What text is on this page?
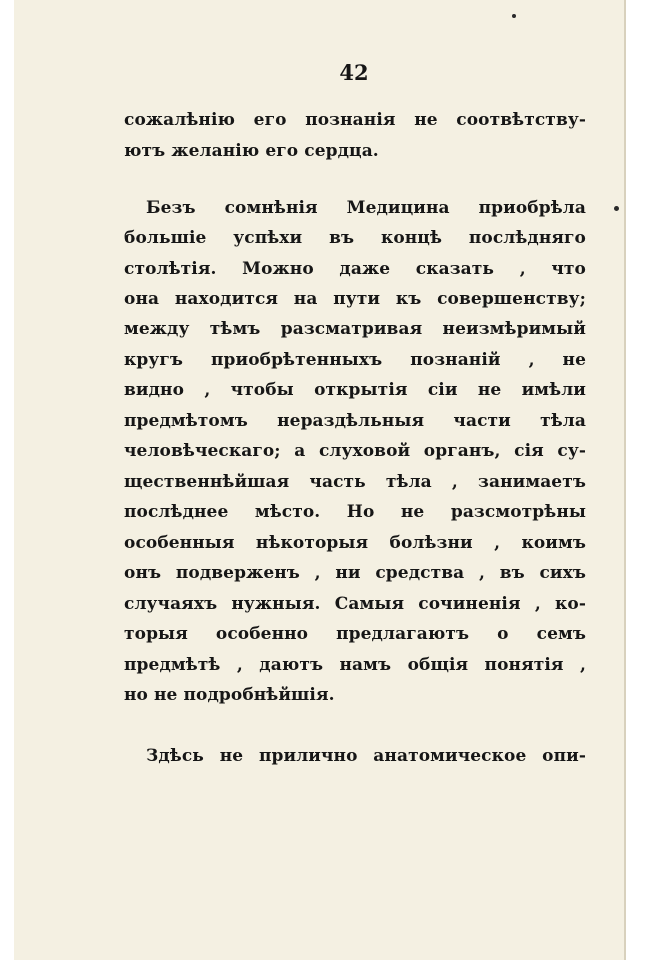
42

сожалѣнію его познанія не соотвѣтству-

ютъ желанію его сердца.

Безъ сомнѣнія Медицина приобрѣла

большіе успѣхи въ концѣ послѣдняго

столѣтія. Можно даже сказать , что

она находится на пути къ совершенству;

между тѣмъ разсматривая неизмѣримый

кругъ приобрѣтенныхъ познаній , не

видно , чтобы открытія сіи не имѣли

предмѣтомъ нераздѣльныя части тѣла

человѣческаго; а слуховой органъ, сія су-

щественнѣйшая часть тѣла , занимаетъ

послѣднее мѣсто. Но не разсмотрѣны

особенныя нѣкоторыя болѣзни , коимъ

онъ подверженъ , ни средства , въ сихъ

случаяхъ нужныя. Самыя сочиненія , ко-

торыя особенно предлагаютъ о семъ

предмѣтѣ , даютъ намъ общія понятія ,

но не подробнѣйшія.

Здѣсь не прилично анатомическое опи-
